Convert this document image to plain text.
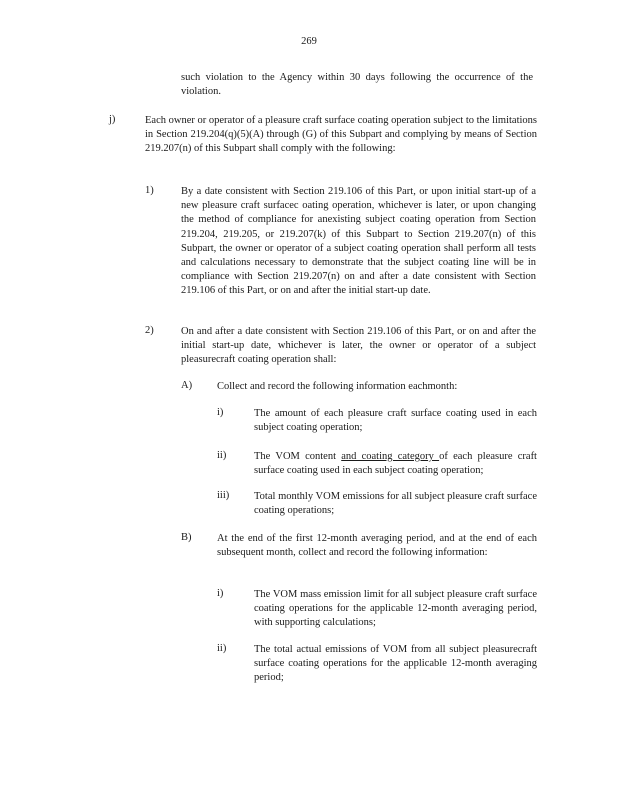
269
such violation to the Agency within 30 days following the occurrence of the violation.
j)	Each owner or operator of a pleasure craft surface coating operation subject to the limitations in Section 219.204(q)(5)(A) through (G) of this Subpart and complying by means of Section 219.207(n) of this Subpart shall comply with the following:
1)	By a date consistent with Section 219.106 of this Part, or upon initial start-up of a new pleasure craft surfacec oating operation, whichever is later, or upon changing the method of compliance for anexisting subject coating operation from Section 219.204, 219.205, or 219.207(k) of this Subpart to Section 219.207(n) of this Subpart, the owner or operator of a subject coating operation shall perform all tests and calculations necessary to demonstrate that the subject coating line will be in compliance with Section 219.207(n) on and after a date consistent with Section 219.106 of this Part, or on and after the initial start-up date.
2)	On and after a date consistent with Section 219.106 of this Part, or on and after the initial start-up date, whichever is later, the owner or operator of a subject pleasurecraft coating operation shall:
A) Collect and record the following information eachmonth:
i)	The amount of each pleasure craft surface coating used in each subject coating operation;
ii)	The VOM content and coating category of each pleasure craft surface coating used in each subject coating operation;
iii) Total monthly VOM emissions for all subject pleasure craft surface coating operations;
B) At the end of the first 12-month averaging period, and at the end of each subsequent month, collect and record the following information:
i)	The VOM mass emission limit for all subject pleasure craft surface coating operations for the applicable 12-month averaging period, with supporting calculations;
ii)	The total actual emissions of VOM from all subject pleasurecraft surface coating operations for the applicable 12-month averaging period;
